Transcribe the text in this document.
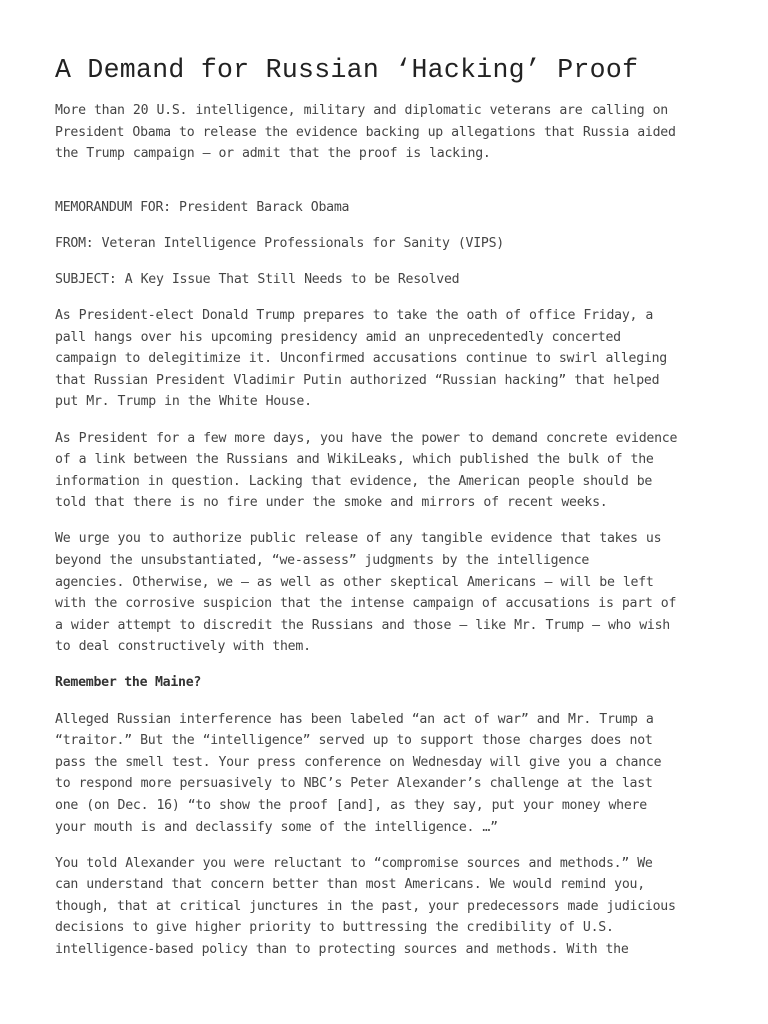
A Demand for Russian ‘Hacking’ Proof

More than 20 U.S. intelligence, military and diplomatic veterans are calling on
President Obama to release the evidence backing up allegations that Russia aided
the Trump campaign — or admit that the proof is lacking.

MEMORANDUM FOR: President Barack Obama

FROM: Veteran Intelligence Professionals for Sanity (VIPS)

SUBJECT: A Key Issue That Still Needs to be Resolved

As President-elect Donald Trump prepares to take the oath of office Friday, a
pall hangs over his upcoming presidency amid an unprecedentedly concerted
campaign to delegitimize it. Unconfirmed accusations continue to swirl alleging
that Russian President Vladimir Putin authorized “Russian hacking” that helped
put Mr. Trump in the White House.

As President for a few more days, you have the power to demand concrete evidence
of a link between the Russians and WikiLeaks, which published the bulk of the
information in question. Lacking that evidence, the American people should be
told that there is no fire under the smoke and mirrors of recent weeks.

We urge you to authorize public release of any tangible evidence that takes us
beyond the unsubstantiated, “we-assess” judgments by the intelligence
agencies. Otherwise, we — as well as other skeptical Americans — will be left
with the corrosive suspicion that the intense campaign of accusations is part of
a wider attempt to discredit the Russians and those — like Mr. Trump — who wish
to deal constructively with them.

Remember the Maine?

Alleged Russian interference has been labeled “an act of war” and Mr. Trump a
“traitor.” But the “intelligence” served up to support those charges does not
pass the smell test. Your press conference on Wednesday will give you a chance
to respond more persuasively to NBC’s Peter Alexander’s challenge at the last
one (on Dec. 16) “to show the proof [and], as they say, put your money where
your mouth is and declassify some of the intelligence. …”

You told Alexander you were reluctant to “compromise sources and methods.” We
can understand that concern better than most Americans. We would remind you,
though, that at critical junctures in the past, your predecessors made judicious
decisions to give higher priority to buttressing the credibility of U.S.
intelligence-based policy than to protecting sources and methods. With the
